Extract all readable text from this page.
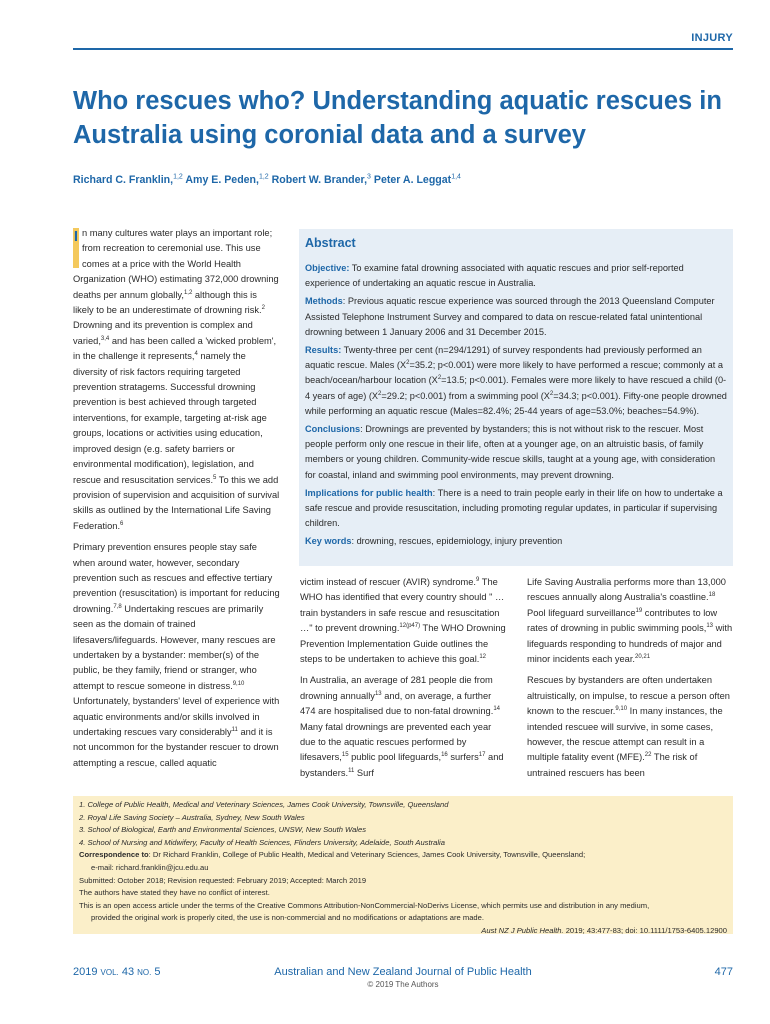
INJURY
Who rescues who? Understanding aquatic rescues in Australia using coronial data and a survey
Richard C. Franklin,$^{1,2}$ Amy E. Peden,$^{1,2}$ Robert W. Brander,$^3$ Peter A. Leggat$^{1,4}$

I n many cultures water plays an important role; from recreation to ceremonial use. This use comes at a price with the World Health Organization (WHO) estimating 372,000 drowning deaths per annum globally,$^{1,2}$ although this is likely to be an underestimate of drowning risk.$^2$ Drowning and its prevention is complex and varied,$^{3,4}$ and has been called a 'wicked problem', in the challenge it represents,$^4$ namely the diversity of risk factors requiring targeted prevention stratagems. Successful drowning prevention is best achieved through targeted interventions, for example, targeting at-risk age groups, locations or activities using education, improved design (e.g. safety barriers or environmental modification), legislation, and rescue and resuscitation services.$^5$ To this we add provision of supervision and acquisition of survival skills as outlined by the International Life Saving Federation.$^6$

Primary prevention ensures people stay safe when around water, however, secondary prevention such as rescues and effective tertiary prevention (resuscitation) is important for reducing drowning.$^{7,8}$ Undertaking rescues are primarily seen as the domain of trained lifesavers/lifeguards. However, many rescues are undertaken by a bystander: member(s) of the public, be they family, friend or stranger, who attempt to rescue someone in distress.$^{9,10}$ Unfortunately, bystanders' level of experience with aquatic environments and/or skills involved in undertaking rescues vary considerably$^{11}$ and it is not uncommon for the bystander rescuer to drown attempting a rescue, called aquatic

Abstract

Objective: To examine fatal drowning associated with aquatic rescues and prior self-reported experience of undertaking an aquatic rescue in Australia.

Methods: Previous aquatic rescue experience was sourced through the 2013 Queensland Computer Assisted Telephone Instrument Survey and compared to data on rescue-related fatal unintentional drowning between 1 January 2006 and 31 December 2015.

Results: Twenty-three per cent (n=294/1291) of survey respondents had previously performed an aquatic rescue. Males ($X^2=35.2$; p<0.001) were more likely to have performed a rescue; commonly at a beach/ocean/harbour location ($X^2=13.5$; p<0.001). Females were more likely to have rescued a child (0-4 years of age) ($X^2=29.2$; p<0.001) from a swimming pool ($X^2=34.3$; p<0.001). Fifty-one people drowned while performing an aquatic rescue (Males=82.4%; 25-44 years of age=53.0%; beaches=54.9%).

Conclusions: Drownings are prevented by bystanders; this is not without risk to the rescuer. Most people perform only one rescue in their life, often at a younger age, on an altruistic basis, of family members or young children. Community-wide rescue skills, taught at a young age, with consideration for coastal, inland and swimming pool environments, may prevent drowning.

Implications for public health: There is a need to train people early in their life on how to undertake a safe rescue and provide resuscitation, including promoting regular updates, in particular if supervising children.

Key words: drowning, rescues, epidemiology, injury prevention

victim instead of rescuer (AVIR) syndrome.$^9$ The WHO has identified that every country should " … train bystanders in safe rescue and resuscitation …" to prevent drowning.$^{12(p47)}$ The WHO Drowning Prevention Implementation Guide outlines the steps to be undertaken to achieve this goal.$^{12}$

In Australia, an average of 281 people die from drowning annually$^{13}$ and, on average, a further 474 are hospitalised due to non-fatal drowning.$^{14}$ Many fatal drownings are prevented each year due to the aquatic rescues performed by lifesavers,$^{15}$ public pool lifeguards,$^{16}$ surfers$^{17}$ and bystanders.$^{11}$ Surf

Life Saving Australia performs more than 13,000 rescues annually along Australia's coastline.$^{18}$ Pool lifeguard surveillance$^{19}$ contributes to low rates of drowning in public swimming pools,$^{13}$ with lifeguards responding to hundreds of major and minor incidents each year.$^{20,21}$

Rescues by bystanders are often undertaken altruistically, on impulse, to rescue a person often known to the rescuer.$^{9,10}$ In many instances, the intended rescuee will survive, in some cases, however, the rescue attempt can result in a multiple fatality event (MFE).$^{22}$ The risk of untrained rescuers has been

1. College of Public Health, Medical and Veterinary Sciences, James Cook University, Townsville, Queensland
2. Royal Life Saving Society – Australia, Sydney, New South Wales
3. School of Biological, Earth and Environmental Sciences, UNSW, New South Wales
4. School of Nursing and Midwifery, Faculty of Health Sciences, Flinders University, Adelaide, South Australia
Correspondence to: Dr Richard Franklin, College of Public Health, Medical and Veterinary Sciences, James Cook University, Townsville, Queensland;
e-mail: richard.franklin@jcu.edu.au
Submitted: October 2018; Revision requested: February 2019; Accepted: March 2019
The authors have stated they have no conflict of interest.
This is an open access article under the terms of the Creative Commons Attribution-NonCommercial-NoDerivs License, which permits use and distribution in any medium,
provided the original work is properly cited, the use is non-commercial and no modifications or adaptations are made.
Aust NZ J Public Health. 2019; 43:477-83; doi: 10.1111/1753-6405.12900
2019 VOL. 43 NO. 5	Australian and New Zealand Journal of Public Health	477
© 2019 The Authors
